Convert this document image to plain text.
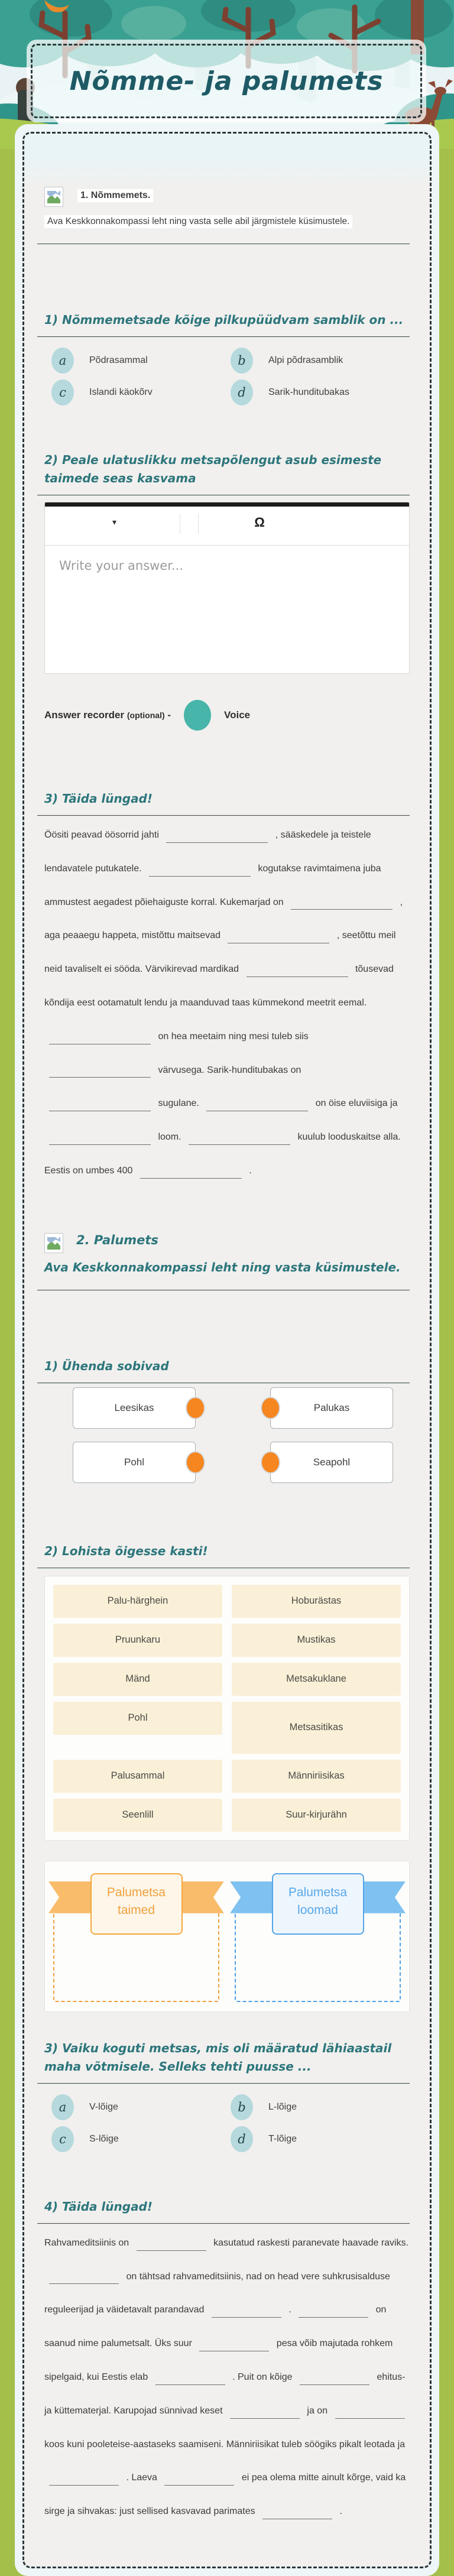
Nõmme- ja palumets
1. Nõmmemets.
Ava Keskkonnakompassi leht ning vasta selle abil järgmistele küsimustele.
1) Nõmmemetsade kõige pilkupüüdvam samblik on ...
a	Põdrasammal	b	Alpi põdrasamblik
c	Islandi käokõrv	d	Sarik-hunditubakas
2) Peale ulatuslikku metsapõlengut asub esimeste taimede seas kasvama
▾	Ω
Write your answer...
Answer recorder (optional) -	Voice
3) Täida lüngad!

Öösiti peavad öösorrid jahti	, sääskedele ja teistele lendavatele putukatele.	kogutakse ravimtaimena juba ammustest aegadest põiehaiguste korral. Kukemarjad on	, aga peaaegu happeta, mistõttu maitsevad	, seetõttu meil neid tavaliselt ei sööda. Värvikirevad mardikad	tõusevad kõndija eest ootamatult lendu ja maanduvad taas kümmekond meetrit eemal.  on hea meetaim ning mesi tuleb siis  värvusega. Sarik-hunditubakas on  sugulane.	on öise eluviisiga ja  loom.	kuulub looduskaitse alla. Eestis on umbes 400	.

2. Palumets
Ava Keskkonnakompassi leht ning vasta küsimustele.
1) Ühenda sobivad
Leesikas
Pohl
Palukas
Seapohl
2) Lohista õigesse kasti!
Palu-härghein
Pruunkaru
Mänd
Pohl
Palusammal
Seenlill
Hoburästas
Mustikas
Metsakuklane
Metsasitikas
Männiriisikas
Suur-kirjurähn
Palumetsa taimed
Palumetsa loomad
3) Vaiku koguti metsas, mis oli määratud lähiaastail maha võtmisele. Selleks tehti puusse ...
a	V-lõige	b	L-lõige
c	S-lõige	d	T-lõige
4) Täida lüngad!

Rahvameditsiinis on	kasutatud raskesti paranevate haavade raviks.  on tähtsad rahvameditsiinis, nad on head vere suhkrusisalduse reguleerijad ja väidetavalt parandavad	.	on saanud nime palumetsalt. Üks suur	pesa võib majutada rohkem sipelgaid, kui Eestis elab	. Puit on kõige	ehitus- ja küttematerjal. Karupojad sünnivad keset	ja on  koos kuni pooleteise-aastaseks saamiseni. Männiriisikat tuleb söögiks pikalt leotada ja  . Laeva	ei pea olema mitte ainult kõrge, vaid ka sirge ja sihvakas: just sellised kasvavad parimates	.
